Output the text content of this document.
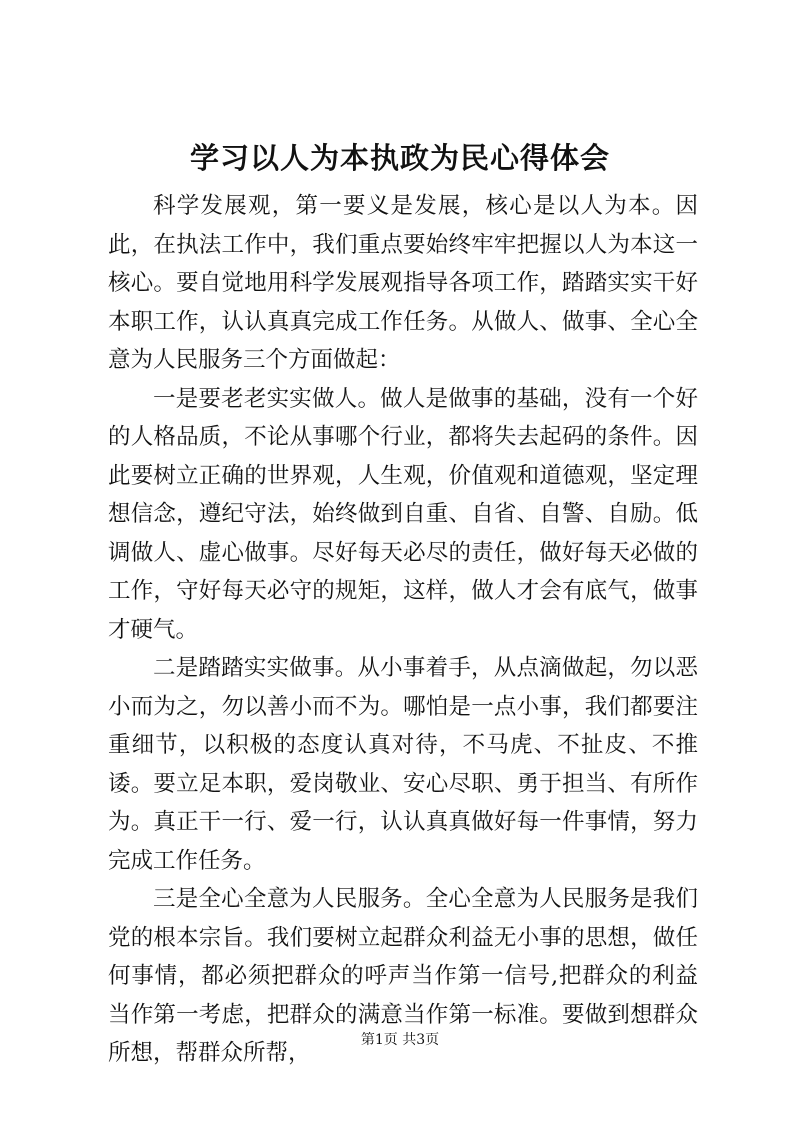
学习以人为本执政为民心得体会

科学发展观，第一要义是发展，核心是以人为本。因此，在执法工作中，我们重点要始终牢牢把握以人为本这一核心。要自觉地用科学发展观指导各项工作，踏踏实实干好本职工作，认认真真完成工作任务。从做人、做事、全心全意为人民服务三个方面做起：

一是要老老实实做人。做人是做事的基础，没有一个好的人格品质，不论从事哪个行业，都将失去起码的条件。因此要树立正确的世界观，人生观，价值观和道德观，坚定理想信念，遵纪守法，始终做到自重、自省、自警、自励。低调做人、虚心做事。尽好每天必尽的责任，做好每天必做的工作，守好每天必守的规矩，这样，做人才会有底气，做事才硬气。

二是踏踏实实做事。从小事着手，从点滴做起，勿以恶小而为之，勿以善小而不为。哪怕是一点小事，我们都要注重细节，以积极的态度认真对待，不马虎、不扯皮、不推诿。要立足本职，爱岗敬业、安心尽职、勇于担当、有所作为。真正干一行、爱一行，认认真真做好每一件事情，努力完成工作任务。

三是全心全意为人民服务。全心全意为人民服务是我们党的根本宗旨。我们要树立起群众利益无小事的思想，做任何事情，都必须把群众的呼声当作第一信号,把群众的利益当作第一考虑，把群众的满意当作第一标准。要做到想群众所想，帮群众所帮，	第1页 共3页
